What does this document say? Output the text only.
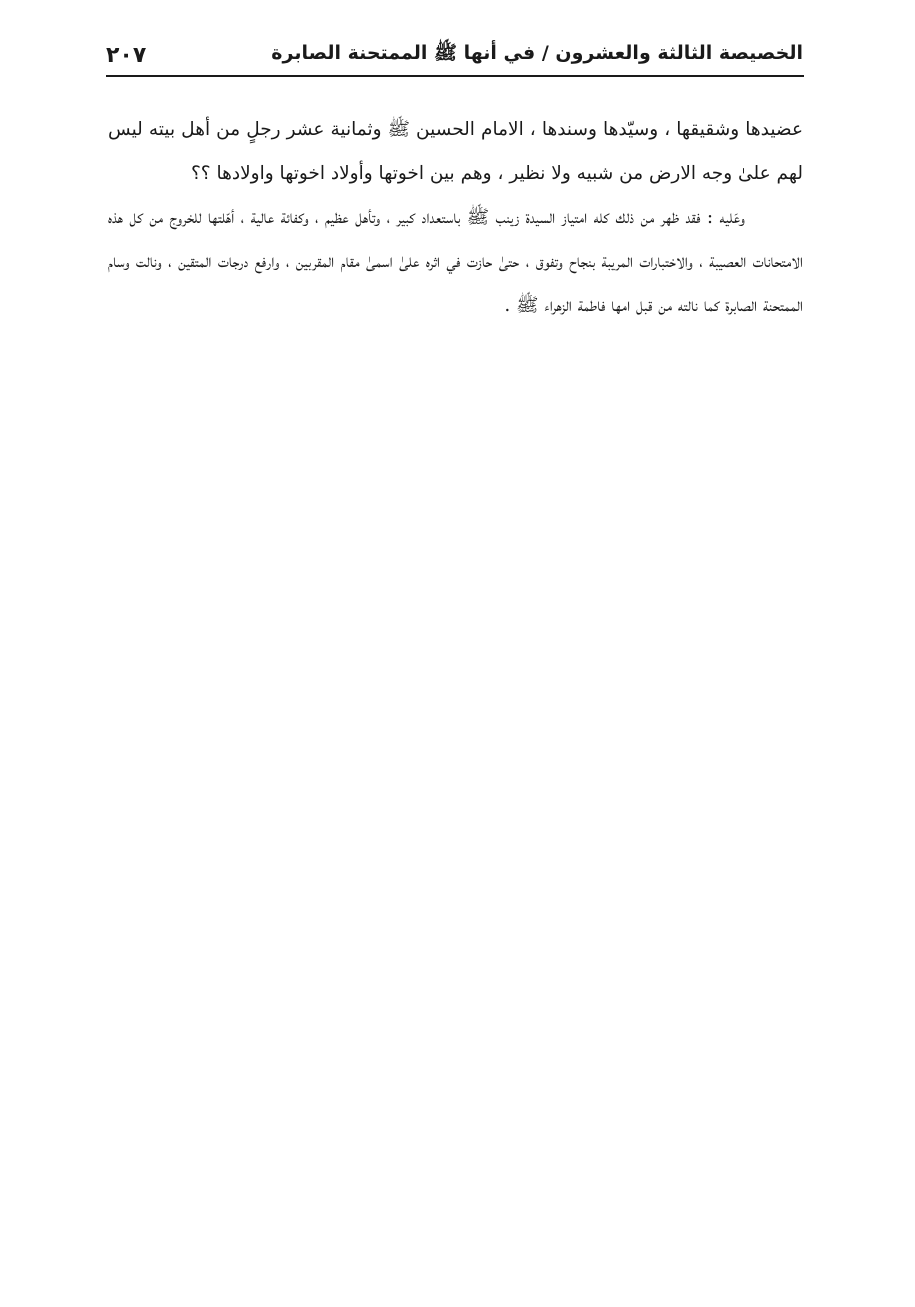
الخصيصة الثالثة والعشرون / في أنها ﷺ الممتحنة الصابرة
٢٠٧

عضيدها وشقيقها ، وسيّدها وسندها ، الامام الحسين ﷺ وثمانية عشر رجلٍ من أهل بيته ليس لهم علىٰ وجه الارض من شبيه ولا نظير ، وهم بين اخوتها وأولاد اخوتها واولادها ؟؟

وعَليه : فقد ظهر من ذلك كله امتياز السيدة زينب ﷺ باستعداد كبير ، وتأهل عظيم ، وكفائة عالية ، أهّلتها للخروج من كل هذه الامتحانات العصيبة ، والاختبارات المريبة بنجاح وتفوق ، حتىٰ حازت في اثره علىٰ اسمىٰ مقام المقربين ، وارفع درجات المتقين ، ونالت وسام الممتحنة الصابرة كما نالته من قبل امها فاطمة الزهراء ﷺ .
